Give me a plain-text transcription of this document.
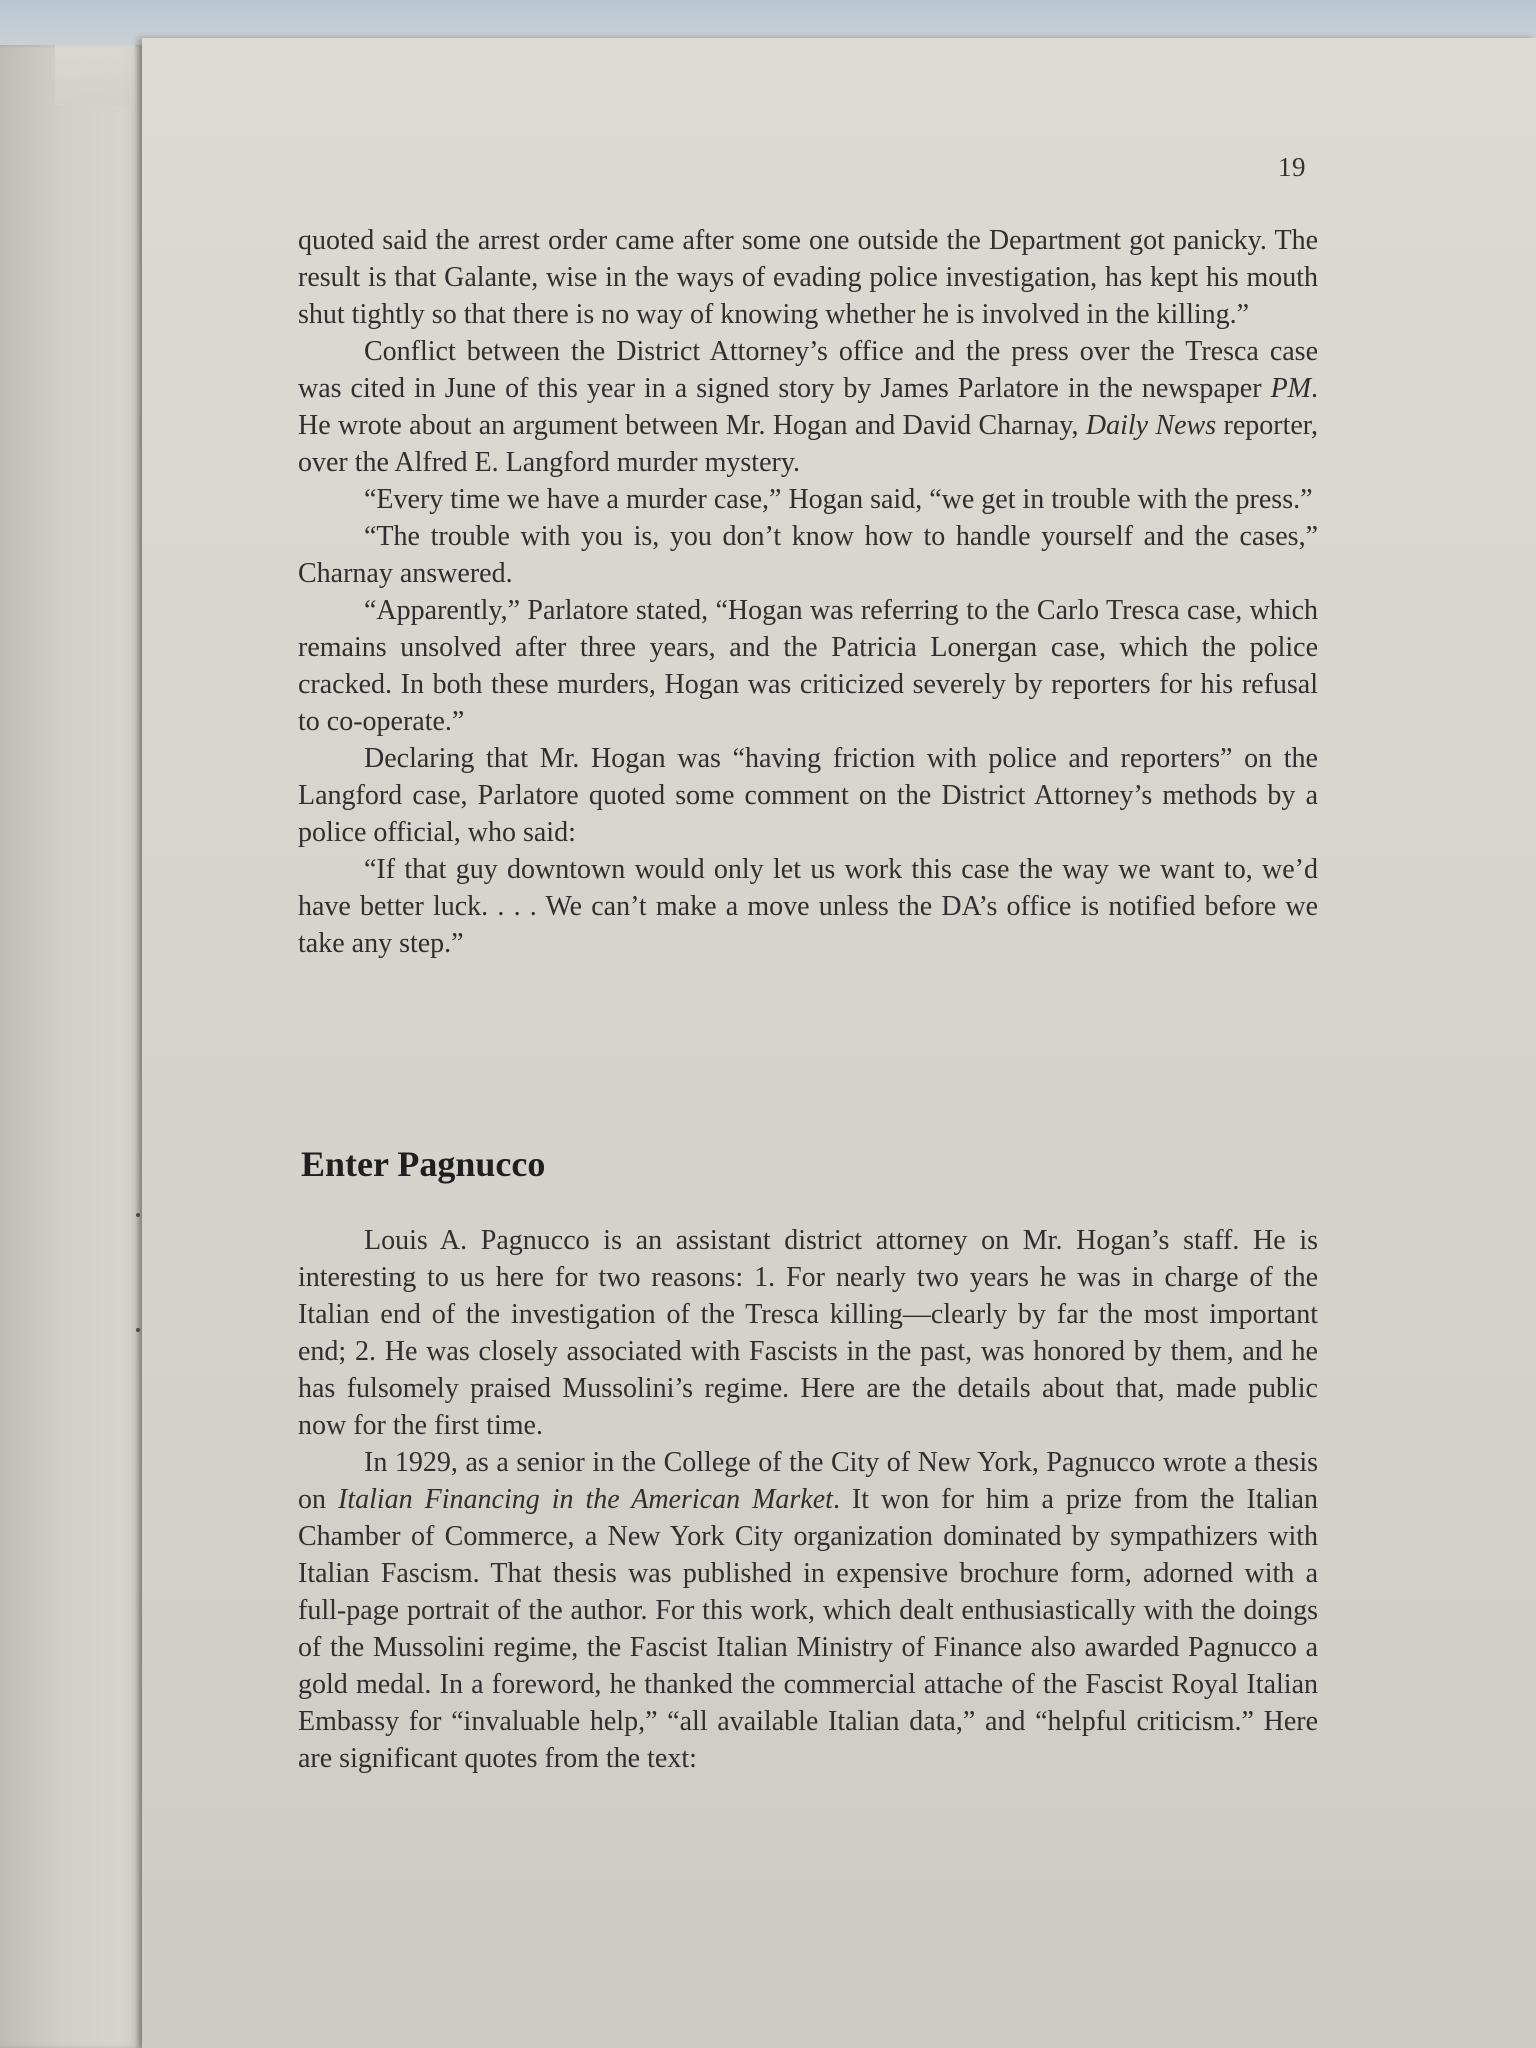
19

quoted said the arrest order came after some one outside the Department got panicky. The result is that Galante, wise in the ways of evading police investigation, has kept his mouth shut tightly so that there is no way of knowing whether he is involved in the killing.”

Conflict between the District Attorney’s office and the press over the Tresca case was cited in June of this year in a signed story by James Parlatore in the newspaper PM. He wrote about an argument between Mr. Hogan and David Charnay, Daily News reporter, over the Alfred E. Langford murder mystery.

“Every time we have a murder case,” Hogan said, “we get in trouble with the press.”

“The trouble with you is, you don’t know how to handle yourself and the cases,” Charnay answered.

“Apparently,” Parlatore stated, “Hogan was referring to the Carlo Tresca case, which remains unsolved after three years, and the Patricia Lonergan case, which the police cracked. In both these murders, Hogan was criticized severely by reporters for his refusal to co-operate.”

Declaring that Mr. Hogan was “having friction with police and reporters” on the Langford case, Parlatore quoted some comment on the District Attorney’s methods by a police official, who said:

“If that guy downtown would only let us work this case the way we want to, we’d have better luck. . . . We can’t make a move unless the DA’s office is notified before we take any step.”

Enter Pagnucco

Louis A. Pagnucco is an assistant district attorney on Mr. Hogan’s staff. He is interesting to us here for two reasons: 1. For nearly two years he was in charge of the Italian end of the investigation of the Tresca killing—clearly by far the most important end; 2. He was closely associated with Fascists in the past, was honored by them, and he has fulsomely praised Mussolini’s regime. Here are the details about that, made public now for the first time.

In 1929, as a senior in the College of the City of New York, Pagnucco wrote a thesis on Italian Financing in the American Market. It won for him a prize from the Italian Chamber of Commerce, a New York City organization dominated by sympathizers with Italian Fascism. That thesis was published in expensive brochure form, adorned with a full-page portrait of the author. For this work, which dealt enthusiastically with the doings of the Mussolini regime, the Fascist Italian Ministry of Finance also awarded Pagnucco a gold medal. In a foreword, he thanked the commercial attache of the Fascist Royal Italian Embassy for “invaluable help,” “all available Italian data,” and “helpful criticism.” Here are significant quotes from the text:
